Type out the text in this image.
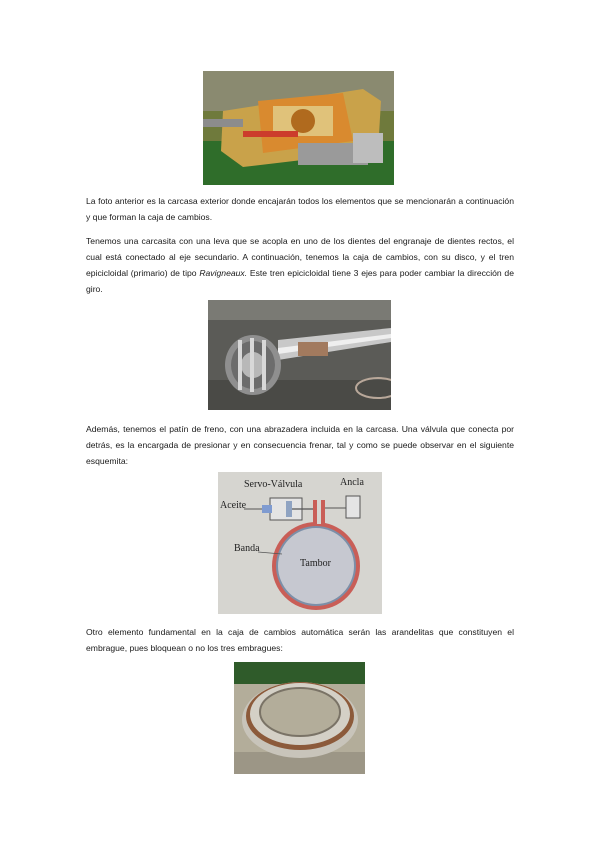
La foto anterior es la carcasa exterior donde encajarán todos los elementos que se mencionarán a continuación y que forman la caja de cambios.

Tenemos una carcasita con una leva que se acopla en uno de los dientes del engranaje de dientes rectos, el cual está conectado al eje secundario. A continuación, tenemos la caja de cambios, con su disco, y el tren epicicloidal (primario) de tipo Ravigneaux. Este tren epicicloidal tiene 3 ejes para poder cambiar la dirección de giro.

Además, tenemos el patín de freno, con una abrazadera incluida en la carcasa. Una válvula que conecta por detrás, es la encargada de presionar y en consecuencia frenar, tal y como se puede observar en el siguiente esquemita:

Servo-Válvula	Ancla
Aceite
Banda
Tambor

Otro elemento fundamental en la caja de cambios automática serán las arandelitas que constituyen el embrague, pues bloquean o no los tres embragues:
